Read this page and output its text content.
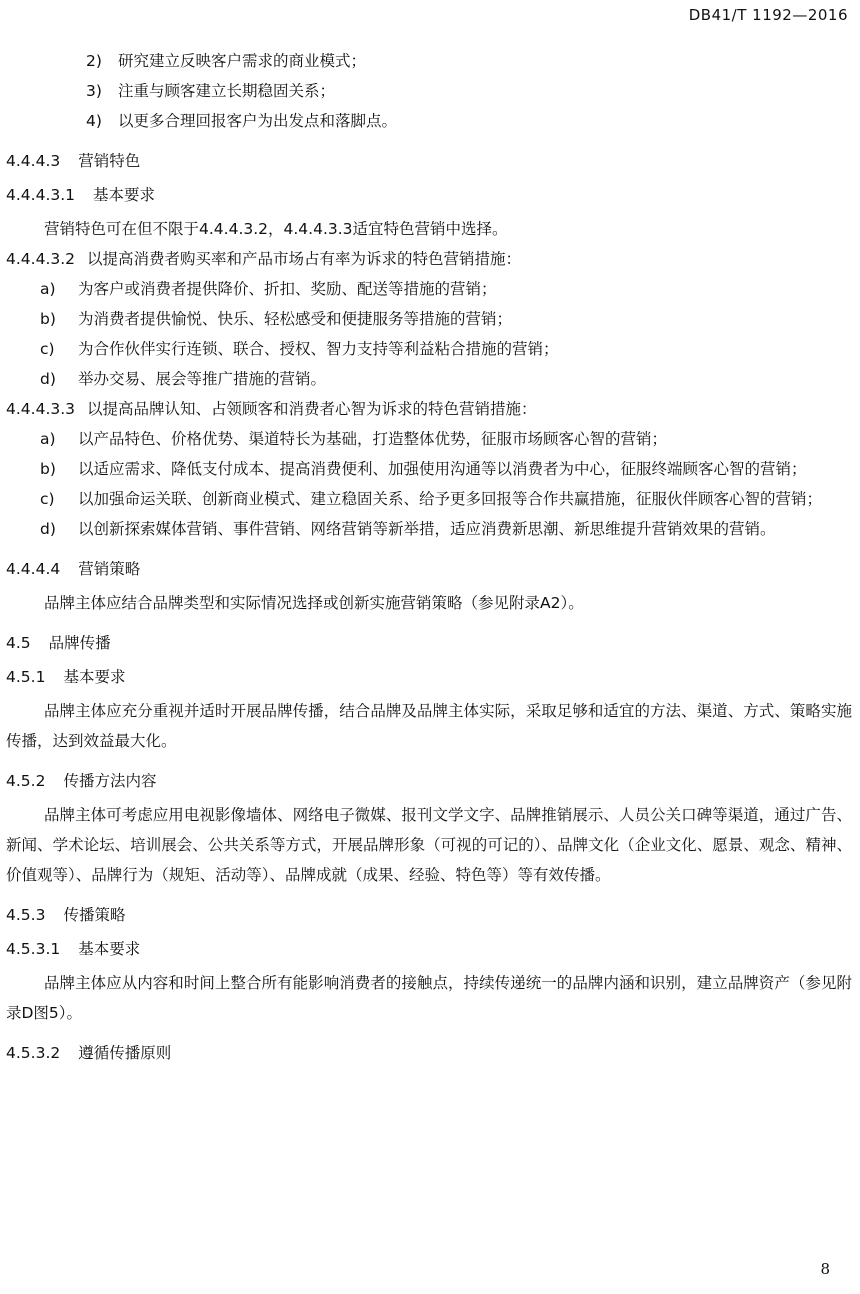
DB41/T 1192—2016
2) 研究建立反映客户需求的商业模式；
3) 注重与顾客建立长期稳固关系；
4) 以更多合理回报客户为出发点和落脚点。
4.4.4.3 营销特色
4.4.4.3.1 基本要求
营销特色可在但不限于4.4.4.3.2，4.4.4.3.3适宜特色营销中选择。
4.4.4.3.2 以提高消费者购买率和产品市场占有率为诉求的特色营销措施：
a)	为客户或消费者提供降价、折扣、奖励、配送等措施的营销；
b)	为消费者提供愉悦、快乐、轻松感受和便捷服务等措施的营销；
c)	为合作伙伴实行连锁、联合、授权、智力支持等利益粘合措施的营销；
d)	举办交易、展会等推广措施的营销。
4.4.4.3.3 以提高品牌认知、占领顾客和消费者心智为诉求的特色营销措施：
a)	以产品特色、价格优势、渠道特长为基础，打造整体优势，征服市场顾客心智的营销；
b)	以适应需求、降低支付成本、提高消费便利、加强使用沟通等以消费者为中心，征服终端顾客心智的营销；
c)	以加强命运关联、创新商业模式、建立稳固关系、给予更多回报等合作共赢措施，征服伙伴顾客心智的营销；
d)	以创新探索媒体营销、事件营销、网络营销等新举措，适应消费新思潮、新思维提升营销效果的营销。
4.4.4.4 营销策略
品牌主体应结合品牌类型和实际情况选择或创新实施营销策略（参见附录A2）。
4.5 品牌传播
4.5.1 基本要求
品牌主体应充分重视并适时开展品牌传播，结合品牌及品牌主体实际，采取足够和适宜的方法、渠道、方式、策略实施传播，达到效益最大化。
4.5.2 传播方法内容
品牌主体可考虑应用电视影像墙体、网络电子微媒、报刊文学文字、品牌推销展示、人员公关口碑等渠道，通过广告、新闻、学术论坛、培训展会、公共关系等方式，开展品牌形象（可视的可记的）、品牌文化（企业文化、愿景、观念、精神、价值观等）、品牌行为（规矩、活动等）、品牌成就（成果、经验、特色等）等有效传播。
4.5.3 传播策略
4.5.3.1 基本要求
品牌主体应从内容和时间上整合所有能影响消费者的接触点，持续传递统一的品牌内涵和识别，建立品牌资产（参见附录D图5）。
4.5.3.2 遵循传播原则
8
